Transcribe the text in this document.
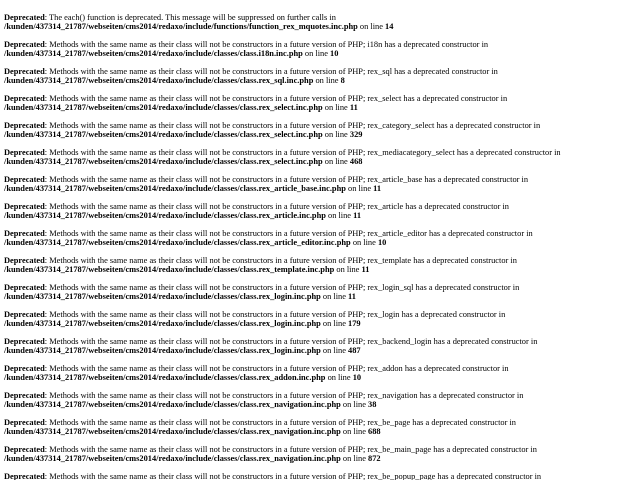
Deprecated: The each() function is deprecated. This message will be suppressed on further calls in
/kunden/437314_21787/webseiten/cms2014/redaxo/include/functions/function_rex_mquotes.inc.php on line 14
Deprecated: Methods with the same name as their class will not be constructors in a future version of PHP; i18n has a deprecated constructor in
/kunden/437314_21787/webseiten/cms2014/redaxo/include/classes/class.i18n.inc.php on line 10
Deprecated: Methods with the same name as their class will not be constructors in a future version of PHP; rex_sql has a deprecated constructor in
/kunden/437314_21787/webseiten/cms2014/redaxo/include/classes/class.rex_sql.inc.php on line 8
Deprecated: Methods with the same name as their class will not be constructors in a future version of PHP; rex_select has a deprecated constructor in
/kunden/437314_21787/webseiten/cms2014/redaxo/include/classes/class.rex_select.inc.php on line 11
Deprecated: Methods with the same name as their class will not be constructors in a future version of PHP; rex_category_select has a deprecated constructor in
/kunden/437314_21787/webseiten/cms2014/redaxo/include/classes/class.rex_select.inc.php on line 329
Deprecated: Methods with the same name as their class will not be constructors in a future version of PHP; rex_mediacategory_select has a deprecated constructor in
/kunden/437314_21787/webseiten/cms2014/redaxo/include/classes/class.rex_select.inc.php on line 468
Deprecated: Methods with the same name as their class will not be constructors in a future version of PHP; rex_article_base has a deprecated constructor in
/kunden/437314_21787/webseiten/cms2014/redaxo/include/classes/class.rex_article_base.inc.php on line 11
Deprecated: Methods with the same name as their class will not be constructors in a future version of PHP; rex_article has a deprecated constructor in
/kunden/437314_21787/webseiten/cms2014/redaxo/include/classes/class.rex_article.inc.php on line 11
Deprecated: Methods with the same name as their class will not be constructors in a future version of PHP; rex_article_editor has a deprecated constructor in
/kunden/437314_21787/webseiten/cms2014/redaxo/include/classes/class.rex_article_editor.inc.php on line 10
Deprecated: Methods with the same name as their class will not be constructors in a future version of PHP; rex_template has a deprecated constructor in
/kunden/437314_21787/webseiten/cms2014/redaxo/include/classes/class.rex_template.inc.php on line 11
Deprecated: Methods with the same name as their class will not be constructors in a future version of PHP; rex_login_sql has a deprecated constructor in
/kunden/437314_21787/webseiten/cms2014/redaxo/include/classes/class.rex_login.inc.php on line 11
Deprecated: Methods with the same name as their class will not be constructors in a future version of PHP; rex_login has a deprecated constructor in
/kunden/437314_21787/webseiten/cms2014/redaxo/include/classes/class.rex_login.inc.php on line 179
Deprecated: Methods with the same name as their class will not be constructors in a future version of PHP; rex_backend_login has a deprecated constructor in
/kunden/437314_21787/webseiten/cms2014/redaxo/include/classes/class.rex_login.inc.php on line 487
Deprecated: Methods with the same name as their class will not be constructors in a future version of PHP; rex_addon has a deprecated constructor in
/kunden/437314_21787/webseiten/cms2014/redaxo/include/classes/class.rex_addon.inc.php on line 10
Deprecated: Methods with the same name as their class will not be constructors in a future version of PHP; rex_navigation has a deprecated constructor in
/kunden/437314_21787/webseiten/cms2014/redaxo/include/classes/class.rex_navigation.inc.php on line 38
Deprecated: Methods with the same name as their class will not be constructors in a future version of PHP; rex_be_page has a deprecated constructor in
/kunden/437314_21787/webseiten/cms2014/redaxo/include/classes/class.rex_navigation.inc.php on line 688
Deprecated: Methods with the same name as their class will not be constructors in a future version of PHP; rex_be_main_page has a deprecated constructor in
/kunden/437314_21787/webseiten/cms2014/redaxo/include/classes/class.rex_navigation.inc.php on line 872
Deprecated: Methods with the same name as their class will not be constructors in a future version of PHP; rex_be_popup_page has a deprecated constructor in
